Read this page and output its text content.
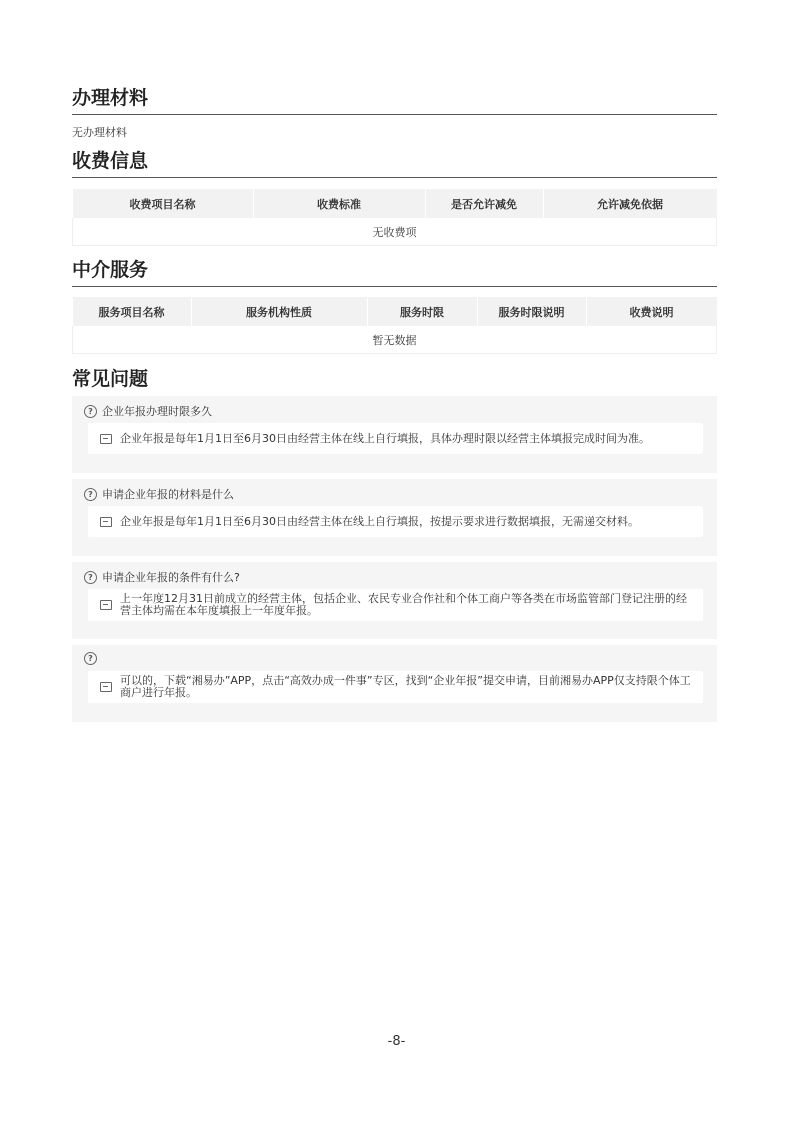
办理材料
无办理材料
收费信息
收费项目名称	收费标准	是否允许减免	允许减免依据
无收费项
中介服务
服务项目名称	服务机构性质	服务时限	服务时限说明	收费说明
暂无数据
常见问题
? 企业年报办理时限多久
企业年报是每年1月1日至6月30日由经营主体在线上自行填报，具体办理时限以经营主体填报完成时间为准。
? 申请企业年报的材料是什么
企业年报是每年1月1日至6月30日由经营主体在线上自行填报，按提示要求进行数据填报，无需递交材料。
? 申请企业年报的条件有什么?
上一年度12月31日前成立的经营主体，包括企业、农民专业合作社和个体工商户等各类在市场监管部门登记注册的经营主体均需在本年度填报上一年度年报。
?
可以的，下载“湘易办”APP，点击“高效办成一件事”专区，找到“企业年报”提交申请，目前湘易办APP仅支持限个体工商户进行年报。
-8-
